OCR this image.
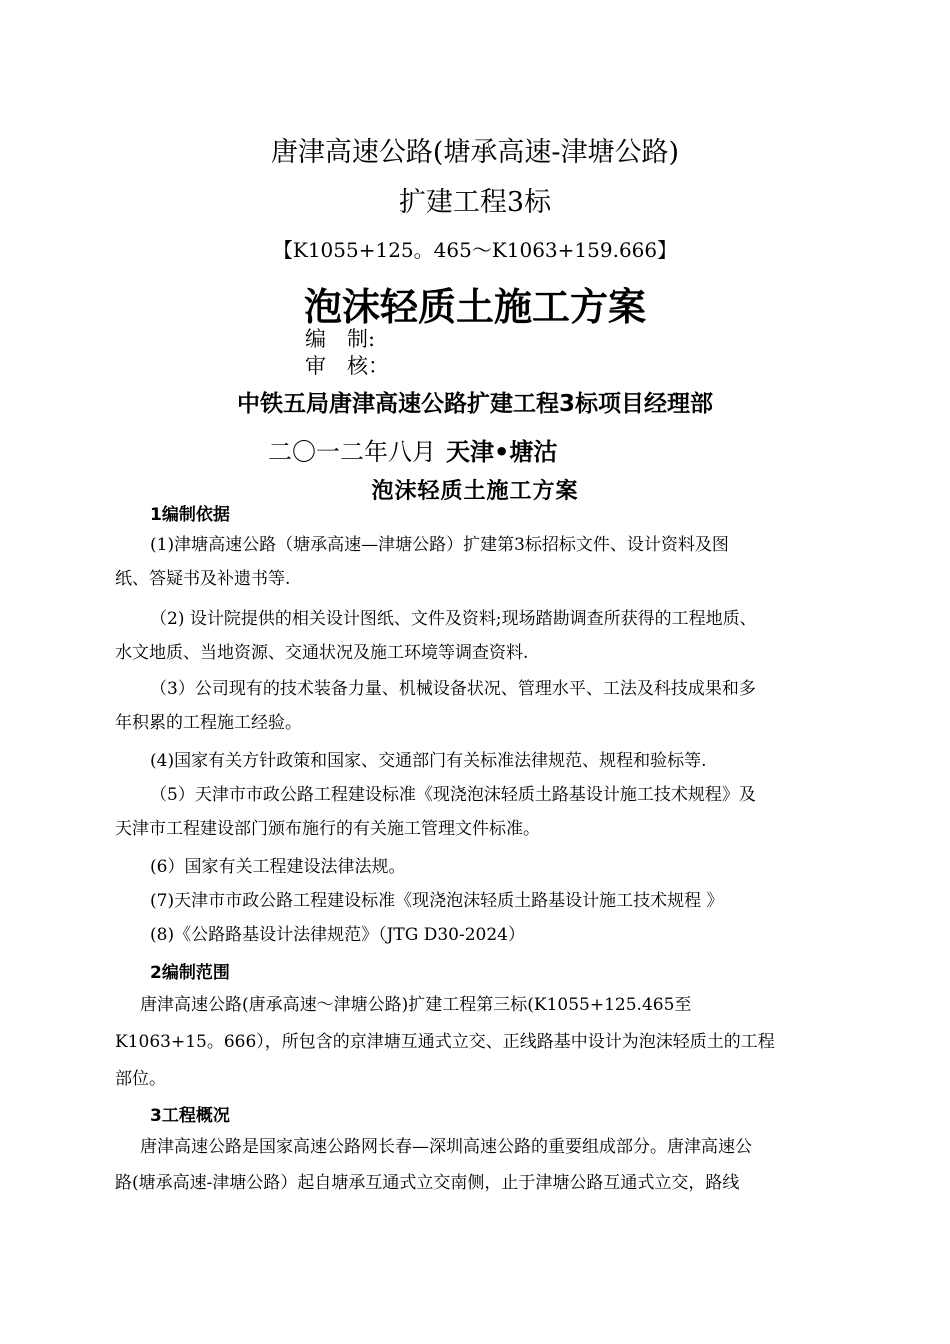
唐津高速公路(塘承高速-津塘公路)
扩建工程3标
【K1055+125。465～K1063+159.666】
泡沫轻质土施工方案
编　制:
审　核：
中铁五局唐津高速公路扩建工程3标项目经理部
二〇一二年八月 天津•塘沽
泡沫轻质土施工方案
1编制依据
(1)津塘高速公路（塘承高速—津塘公路）扩建第3标招标文件、设计资料及图
纸、答疑书及补遗书等.
（2) 设计院提供的相关设计图纸、文件及资料;现场踏勘调查所获得的工程地质、
水文地质、当地资源、交通状况及施工环境等调查资料.
（3）公司现有的技术装备力量、机械设备状况、管理水平、工法及科技成果和多
年积累的工程施工经验。
(4)国家有关方针政策和国家、交通部门有关标准法律规范、规程和验标等.
（5）天津市市政公路工程建设标准《现浇泡沫轻质土路基设计施工技术规程》及
天津市工程建设部门颁布施行的有关施工管理文件标准。
(6）国家有关工程建设法律法规。
(7)天津市市政公路工程建设标准《现浇泡沫轻质土路基设计施工技术规程 》
(8)《公路路基设计法律规范》（JTG D30-2024）
2编制范围
唐津高速公路(唐承高速～津塘公路)扩建工程第三标(K1055+125.465至
K1063+15。666），所包含的京津塘互通式立交、正线路基中设计为泡沫轻质土的工程
部位。
3工程概况
唐津高速公路是国家高速公路网长春—深圳高速公路的重要组成部分。唐津高速公
路(塘承高速-津塘公路）起自塘承互通式立交南侧，止于津塘公路互通式立交，路线
